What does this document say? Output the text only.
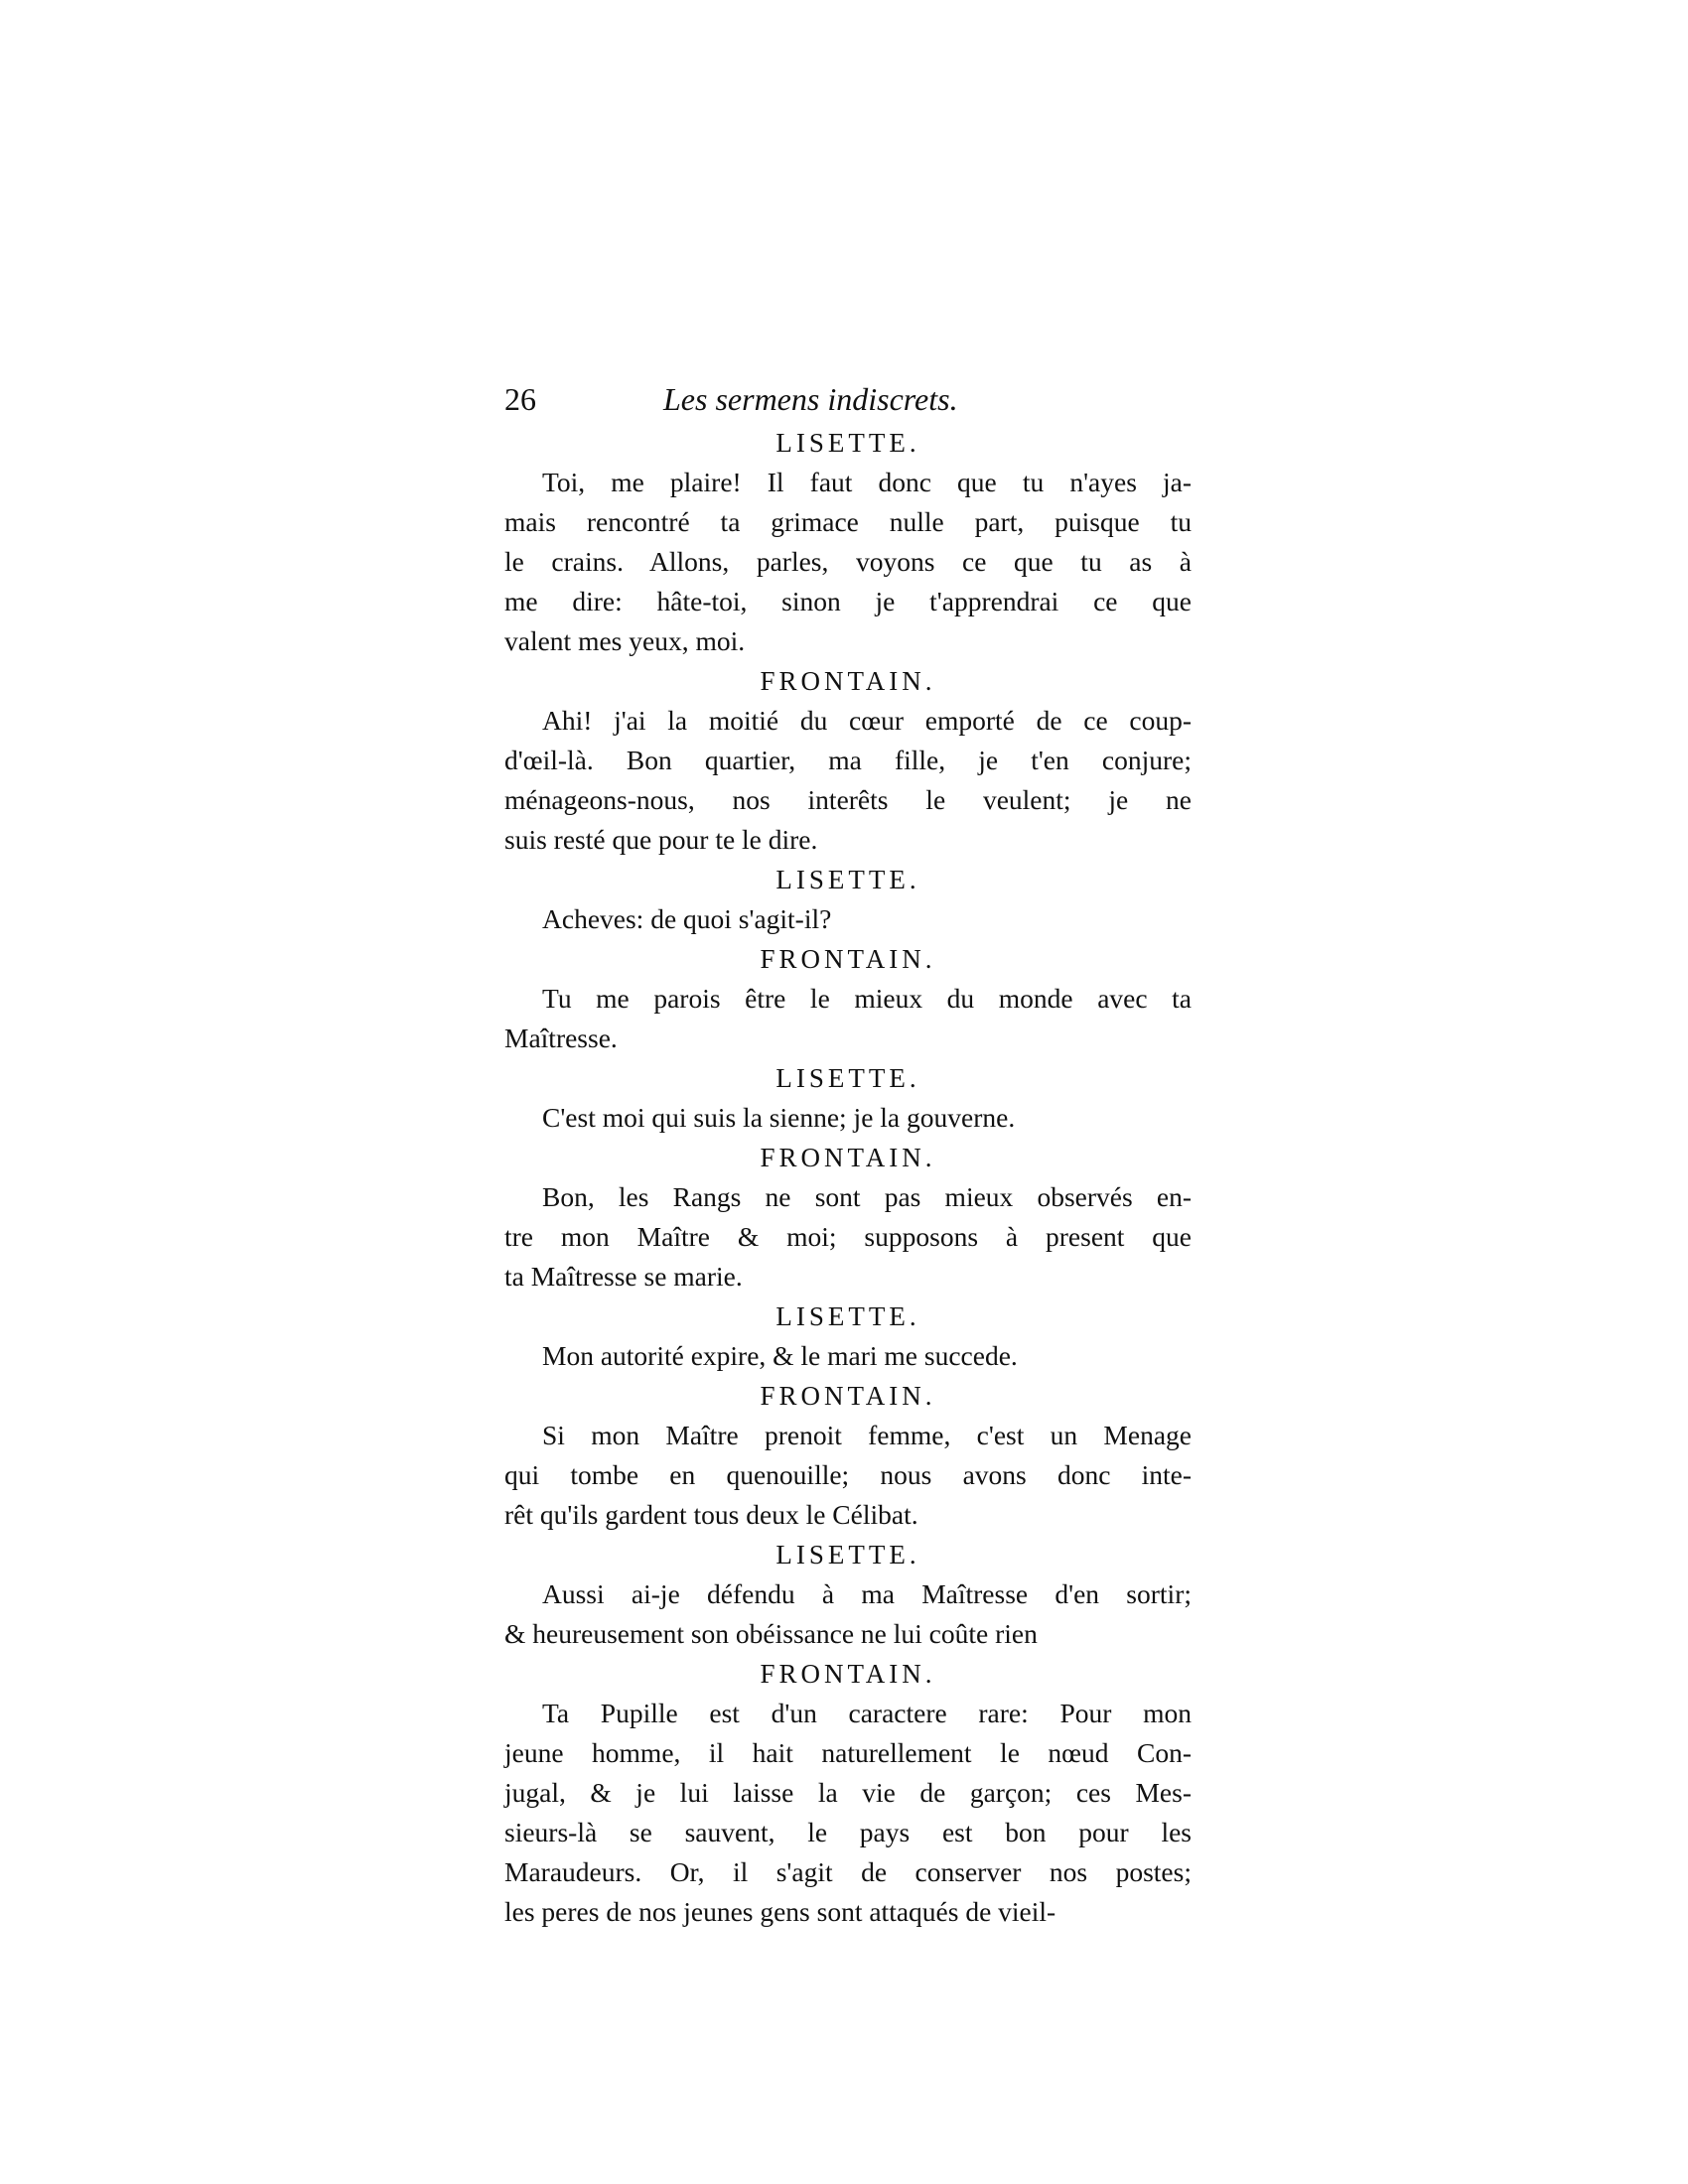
26	Les sermens indiscrets.
LISETTE.
Toi, me plaire! Il faut donc que tu n'ayes ja-
mais rencontré ta grimace nulle part, puisque tu
le crains. Allons, parles, voyons ce que tu as à
me dire: hâte-toi, sinon je t'apprendrai ce que
valent mes yeux, moi.
FRONTAIN.
Ahi! j'ai la moitié du cœur emporté de ce coup-
d'œil-là. Bon quartier, ma fille, je t'en conjure;
ménageons-nous, nos interêts le veulent; je ne
suis resté que pour te le dire.
LISETTE.
Acheves: de quoi s'agit-il?
FRONTAIN.
Tu me parois être le mieux du monde avec ta
Maîtresse.
LISETTE.
C'est moi qui suis la sienne; je la gouverne.
FRONTAIN.
Bon, les Rangs ne sont pas mieux observés en-
tre mon Maître & moi; supposons à present que
ta Maîtresse se marie.
LISETTE.
Mon autorité expire, & le mari me succede.
FRONTAIN.
Si mon Maître prenoit femme, c'est un Menage
qui tombe en quenouille; nous avons donc inte-
rêt qu'ils gardent tous deux le Célibat.
LISETTE.
Aussi ai-je défendu à ma Maîtresse d'en sortir;
& heureusement son obéissance ne lui coûte rien
FRONTAIN.
Ta Pupille est d'un caractere rare: Pour mon
jeune homme, il hait naturellement le nœud Con-
jugal, & je lui laisse la vie de garçon; ces Mes-
sieurs-là se sauvent, le pays est bon pour les
Maraudeurs. Or, il s'agit de conserver nos postes;
les peres de nos jeunes gens sont attaqués de vieil-
